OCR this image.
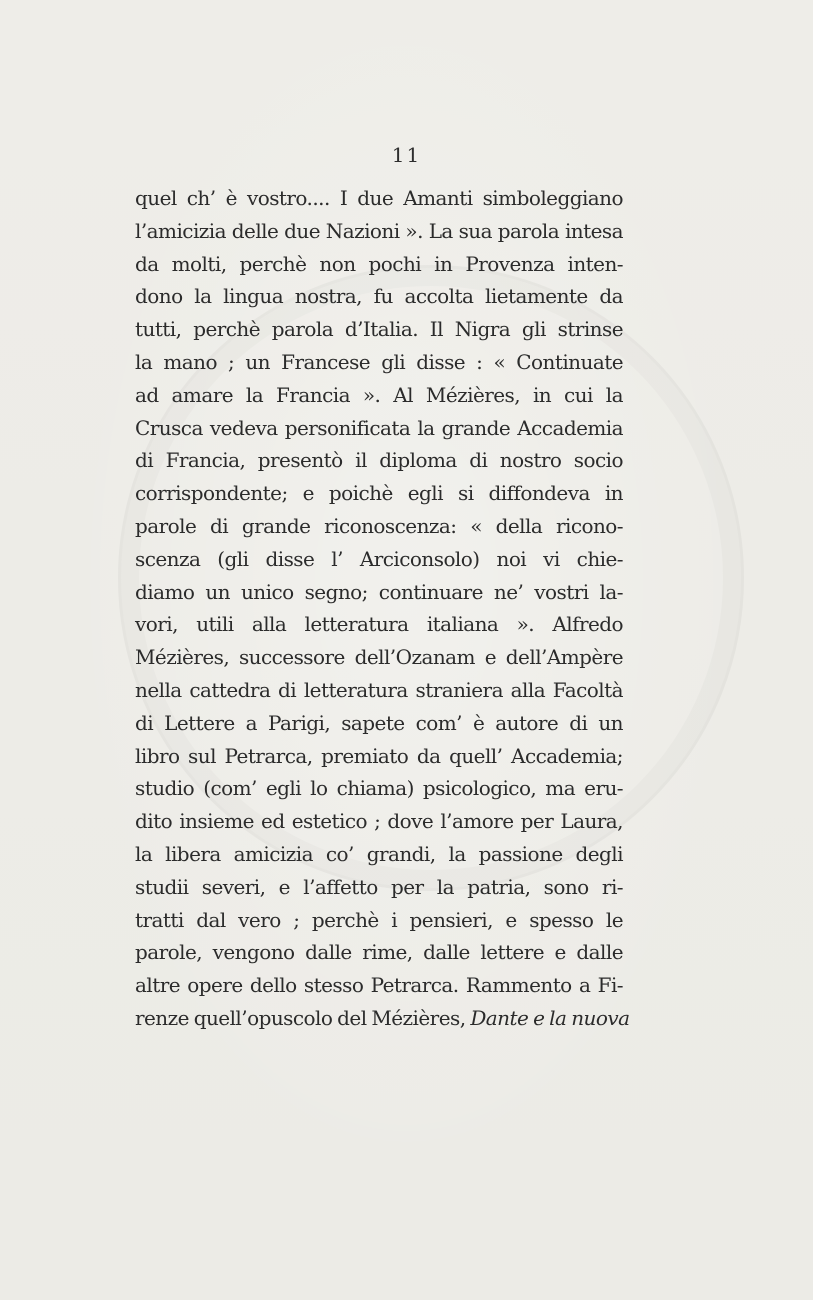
11
quel ch’ è vostro.... I due Amanti simboleggiano
l’amicizia delle due Nazioni ». La sua parola intesa
da molti, perchè non pochi in Provenza inten-
dono la lingua nostra, fu accolta lietamente da
tutti, perchè parola d’Italia. Il Nigra gli strinse
la mano ; un Francese gli disse : « Continuate
ad amare la Francia ». Al Mézières, in cui la
Crusca vedeva personificata la grande Accademia
di Francia, presentò il diploma di nostro socio
corrispondente; e poichè egli si diffondeva in
parole di grande riconoscenza: « della ricono-
scenza (gli disse l’ Arciconsolo) noi vi chie-
diamo un unico segno; continuare ne’ vostri la-
vori, utili alla letteratura italiana ». Alfredo
Mézières, successore dell’Ozanam e dell’Ampère
nella cattedra di letteratura straniera alla Facoltà
di Lettere a Parigi, sapete com’ è autore di un
libro sul Petrarca, premiato da quell’ Accademia;
studio (com’ egli lo chiama) psicologico, ma eru-
dito insieme ed estetico ; dove l’amore per Laura,
la libera amicizia co’ grandi, la passione degli
studii severi, e l’affetto per la patria, sono ri-
tratti dal vero ; perchè i pensieri, e spesso le
parole, vengono dalle rime, dalle lettere e dalle
altre opere dello stesso Petrarca. Rammento a Fi-
renze quell’opuscolo del Mézières, Dante e la nuova
